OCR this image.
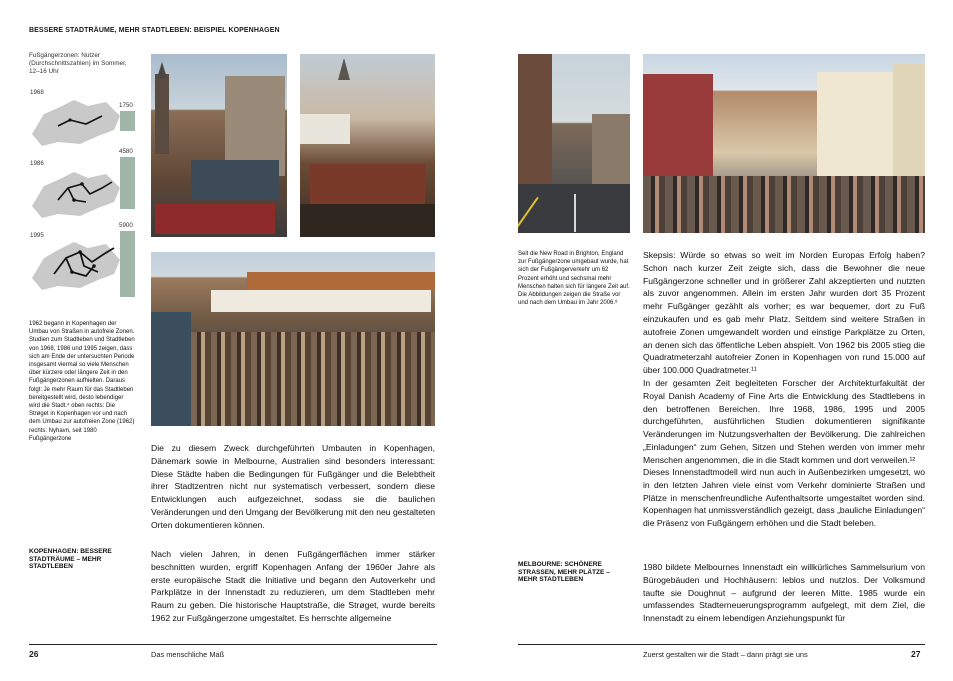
BESSERE STADTRÄUME, MEHR STADTLEBEN: BEISPIEL KOPENHAGEN
Fußgängerzonen: Nutzer (Durchschnittszahlen) im Sommer, 12–16 Uhr
1968
1750
1986
4580
1995
5900
1962 begann in Kopenhagen der Umbau von Straßen in autofreie Zonen. Studien zum Stadtleben und Stadtleben von 1968, 1986 und 1995 zeigen, dass sich am Ende der untersuchten Periode insgesamt viermal so viele Menschen über kürzere oder längere Zeit in den Fußgängerzonen aufhielten. Daraus folgt: Je mehr Raum für das Stadtleben bereitgestellt wird, desto lebendiger wird die Stadt.⁴ oben rechts: Die Strøget in Kopenhagen vor und nach dem Umbau zur autofreien Zone (1962) rechts: Nyhavn, seit 1980 Fußgängerzone
KOPENHAGEN: BESSERE STADTRÄUME – MEHR STADTLEBEN
Die zu diesem Zweck durchgeführten Umbauten in Kopenhagen, Dänemark sowie in Melbourne, Australien sind besonders interessant: Diese Städte haben die Bedingungen für Fußgänger und die Belebtheit ihrer Stadtzentren nicht nur systematisch verbessert, sondern diese Entwicklungen auch aufgezeichnet, sodass sie die baulichen Veränderungen und den Umgang der Bevölkerung mit den neu gestalteten Orten dokumentieren können.
Nach vielen Jahren, in denen Fußgängerflächen immer stärker beschnitten wurden, ergriff Kopenhagen Anfang der 1960er Jahre als erste europäische Stadt die Initiative und begann den Autoverkehr und Parkplätze in der Innenstadt zu reduzieren, um dem Stadtleben mehr Raum zu geben. Die historische Hauptstraße, die Strøget, wurde bereits 1962 zur Fußgängerzone umgestaltet. Es herrschte allgemeine
26	Das menschliche Maß
Seit die New Road in Brighton, England zur Fußgängerzone umgebaut wurde, hat sich der Fußgängerverkehr um 62 Prozent erhöht und sechsmal mehr Menschen halten sich für längere Zeit auf. Die Abbildungen zeigen die Straße vor und nach dem Umbau im Jahr 2006.⁸
Skepsis: Würde so etwas so weit im Norden Europas Erfolg haben? Schon nach kurzer Zeit zeigte sich, dass die Bewohner die neue Fußgängerzone schneller und in größerer Zahl akzeptierten und nutzten als zuvor angenommen. Allein im ersten Jahr wurden dort 35 Prozent mehr Fußgänger gezählt als vorher; es war bequemer, dort zu Fuß einzukaufen und es gab mehr Platz. Seitdem sind weitere Straßen in autofreie Zonen umgewandelt worden und einstige Parkplätze zu Orten, an denen sich das öffentliche Leben abspielt. Von 1962 bis 2005 stieg die Quadratmeterzahl autofreier Zonen in Kopenhagen von rund 15.000 auf über 100.000 Quadratmeter.¹¹
In der gesamten Zeit begleiteten Forscher der Architekturfakultät der Royal Danish Academy of Fine Arts die Entwicklung des Stadtlebens in den betroffenen Bereichen. Ihre 1968, 1986, 1995 und 2005 durchgeführten, ausführlichen Studien dokumentieren signifikante Veränderungen im Nutzungsverhalten der Bevölkerung. Die zahlreichen „Einladungen“ zum Gehen, Sitzen und Stehen werden von immer mehr Menschen angenommen, die in die Stadt kommen und dort verweilen.¹²
Dieses Innenstadtmodell wird nun auch in Außenbezirken umgesetzt, wo in den letzten Jahren viele einst vom Verkehr dominierte Straßen und Plätze in menschenfreundliche Aufenthaltsorte umgestaltet worden sind. Kopenhagen hat unmissverständlich gezeigt, dass „bauliche Einladungen“ die Präsenz von Fußgängern erhöhen und die Stadt beleben.
MELBOURNE: SCHÖNERE STRASSEN, MEHR PLÄTZE – MEHR STADTLEBEN
1980 bildete Melbournes Innenstadt ein willkürliches Sammelsurium von Bürogebäuden und Hochhäusern: leblos und nutzlos. Der Volksmund taufte sie Doughnut – aufgrund der leeren Mitte. 1985 wurde ein umfassendes Stadterneuerungsprogramm aufgelegt, mit dem Ziel, die Innenstadt zu einem lebendigen Anziehungspunkt für
Zuerst gestalten wir die Stadt – dann prägt sie uns	27
